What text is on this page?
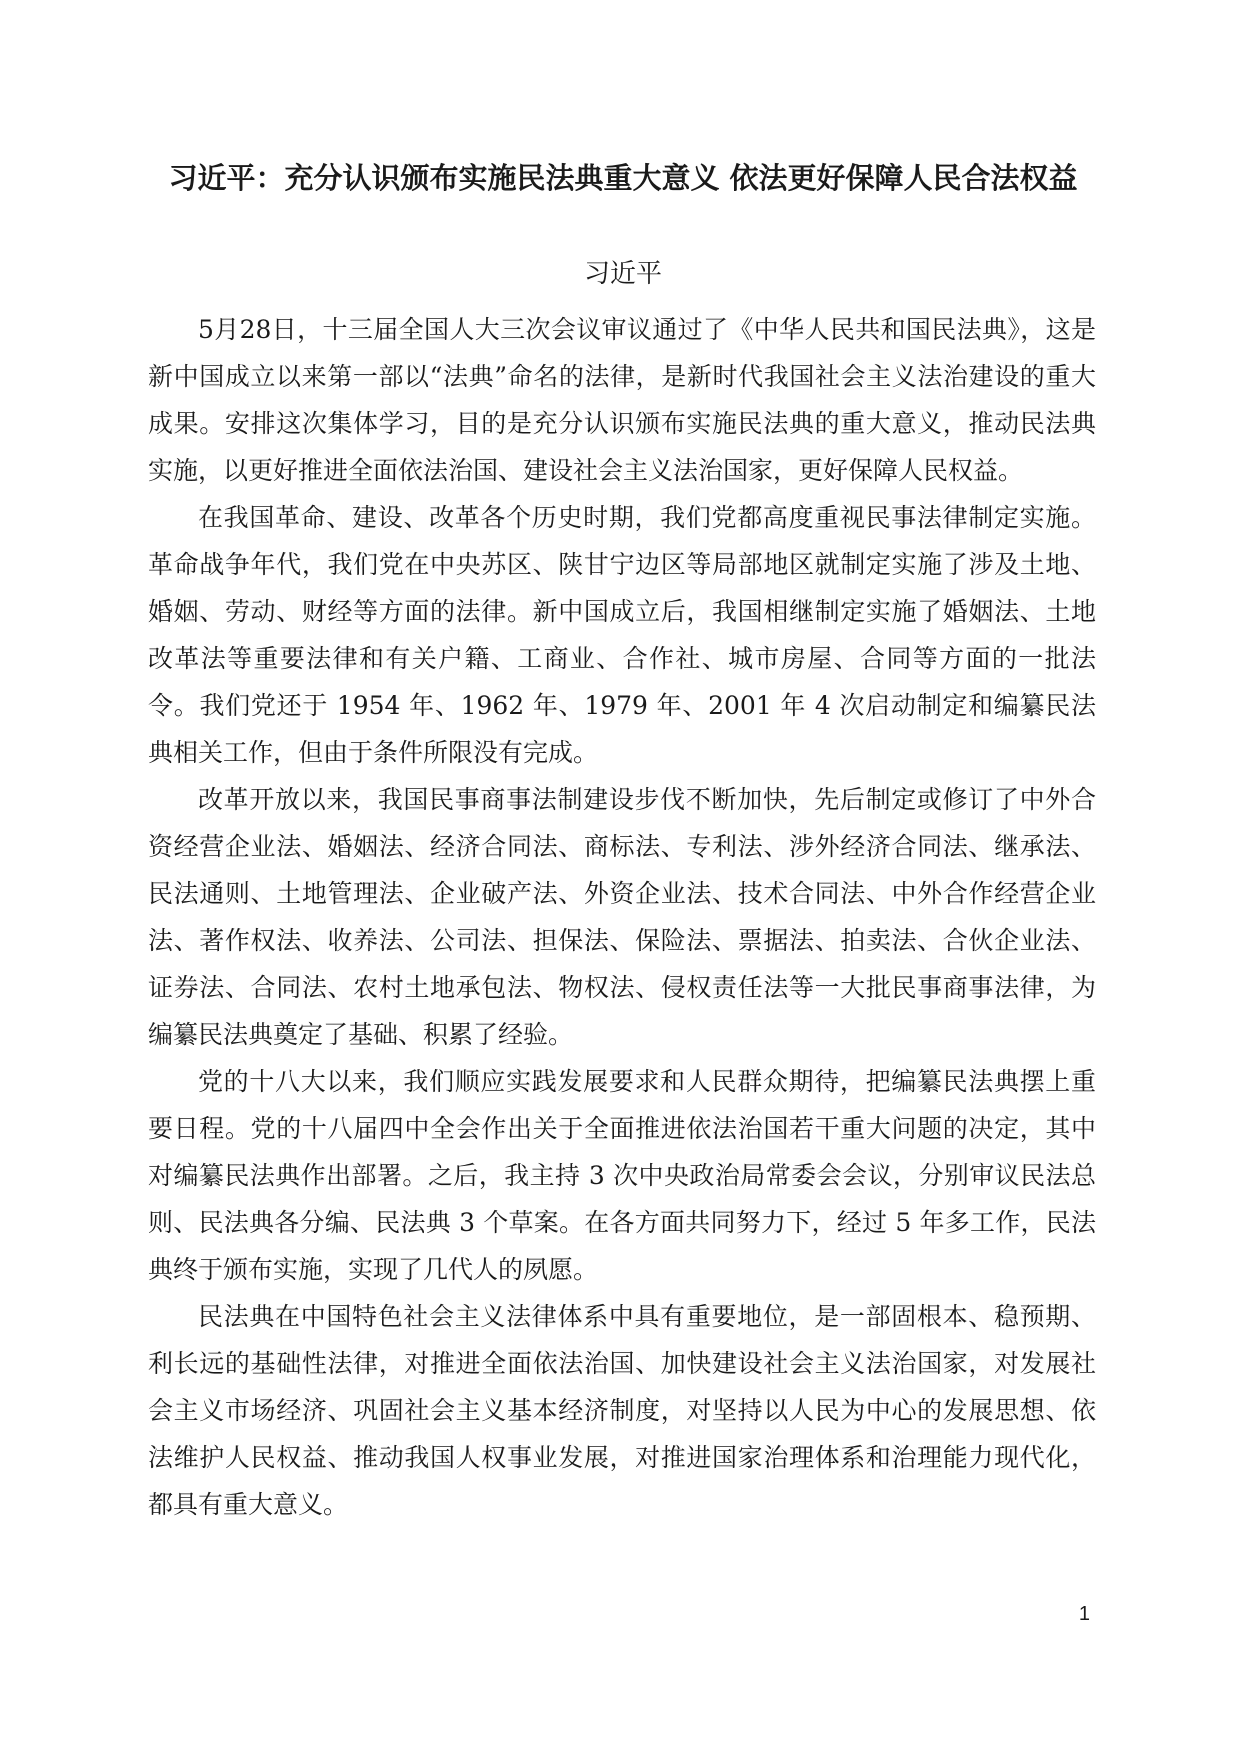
习近平：充分认识颁布实施民法典重大意义 依法更好保障人民合法权益
习近平

5月28日，十三届全国人大三次会议审议通过了《中华人民共和国民法典》，这是新中国成立以来第一部以“法典”命名的法律，是新时代我国社会主义法治建设的重大成果。安排这次集体学习，目的是充分认识颁布实施民法典的重大意义，推动民法典实施，以更好推进全面依法治国、建设社会主义法治国家，更好保障人民权益。

在我国革命、建设、改革各个历史时期，我们党都高度重视民事法律制定实施。革命战争年代，我们党在中央苏区、陕甘宁边区等局部地区就制定实施了涉及土地、婚姻、劳动、财经等方面的法律。新中国成立后，我国相继制定实施了婚姻法、土地改革法等重要法律和有关户籍、工商业、合作社、城市房屋、合同等方面的一批法令。我们党还于 1954 年、1962 年、1979 年、2001 年 4 次启动制定和编纂民法典相关工作，但由于条件所限没有完成。

改革开放以来，我国民事商事法制建设步伐不断加快，先后制定或修订了中外合资经营企业法、婚姻法、经济合同法、商标法、专利法、涉外经济合同法、继承法、民法通则、土地管理法、企业破产法、外资企业法、技术合同法、中外合作经营企业法、著作权法、收养法、公司法、担保法、保险法、票据法、拍卖法、合伙企业法、证券法、合同法、农村土地承包法、物权法、侵权责任法等一大批民事商事法律，为编纂民法典奠定了基础、积累了经验。

党的十八大以来，我们顺应实践发展要求和人民群众期待，把编纂民法典摆上重要日程。党的十八届四中全会作出关于全面推进依法治国若干重大问题的决定，其中对编纂民法典作出部署。之后，我主持 3 次中央政治局常委会会议，分别审议民法总则、民法典各分编、民法典 3 个草案。在各方面共同努力下，经过 5 年多工作，民法典终于颁布实施，实现了几代人的夙愿。

民法典在中国特色社会主义法律体系中具有重要地位，是一部固根本、稳预期、利长远的基础性法律，对推进全面依法治国、加快建设社会主义法治国家，对发展社会主义市场经济、巩固社会主义基本经济制度，对坚持以人民为中心的发展思想、依法维护人民权益、推动我国人权事业发展，对推进国家治理体系和治理能力现代化，都具有重大意义。

1
